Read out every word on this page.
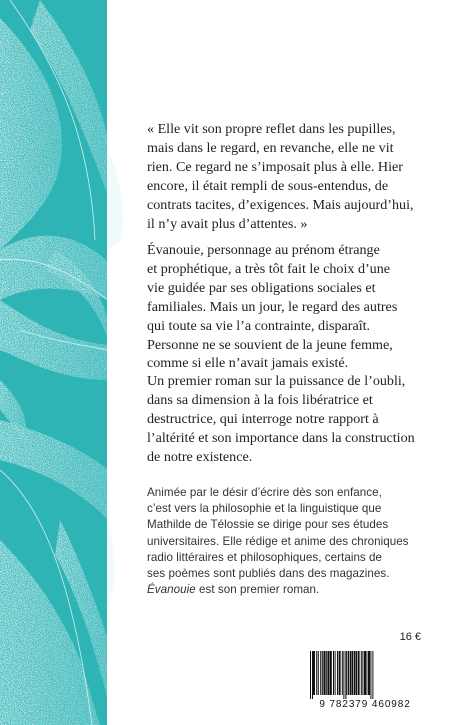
« Elle vit son propre reflet dans les pupilles,
mais dans le regard, en revanche, elle ne vit
rien. Ce regard ne s’imposait plus à elle. Hier
encore, il était rempli de sous-entendus, de
contrats tacites, d’exigences. Mais aujourd’hui,
il n’y avait plus d’attentes. »

Évanouie, personnage au prénom étrange
et prophétique, a très tôt fait le choix d’une
vie guidée par ses obligations sociales et
familiales. Mais un jour, le regard des autres
qui toute sa vie l’a contrainte, disparaît.
Personne ne se souvient de la jeune femme,
comme si elle n’avait jamais existé.

Un premier roman sur la puissance de l’oubli,
dans sa dimension à la fois libératrice et
destructrice, qui interroge notre rapport à
l’altérité et son importance dans la construction
de notre existence.

Animée par le désir d’écrire dès son enfance,
c’est vers la philosophie et la linguistique que
Mathilde de Télossie se dirige pour ses études
universitaires. Elle rédige et anime des chroniques
radio littéraires et philosophiques, certains de
ses poèmes sont publiés dans des magazines.
Évanouie est son premier roman.

16 €
9 782379 460982
